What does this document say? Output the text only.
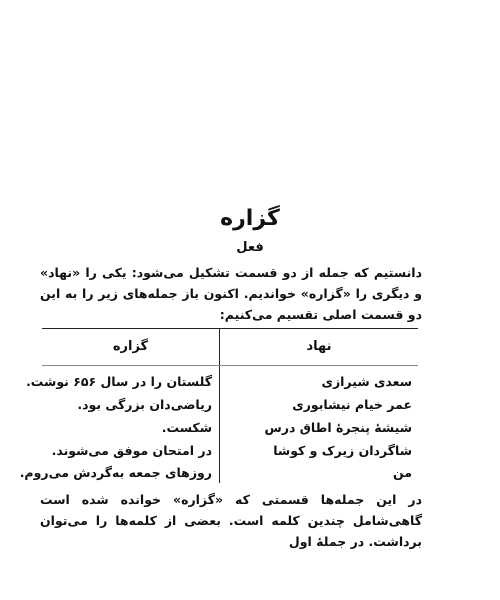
گزاره
فعل
دانستیم که جمله از دو قسمت تشکیل می‌شود: یکی را «نهاد» و دیگری را «گزاره» خواندیم. اکنون باز جمله‌های زیر را به این دو قسمت اصلی تقسیم می‌کنیم:
نهاد
گزاره
سعدی شیرازی
گلستان را در سال ۶۵۶ نوشت.
عمر خیام نیشابوری
ریاضی‌دان بزرگی بود.
شیشهٔ پنجرهٔ اطاق درس
شکست.
شاگردان زیرک و کوشا
در امتحان موفق می‌شوند.
من
روزهای جمعه به‌گردش می‌روم.
در این جمله‌ها قسمتی که «گزاره» خوانده شده است گاهی‌شامل چندین کلمه است. بعضی از کلمه‌ها را می‌توان برداشت. در جملهٔ اول
